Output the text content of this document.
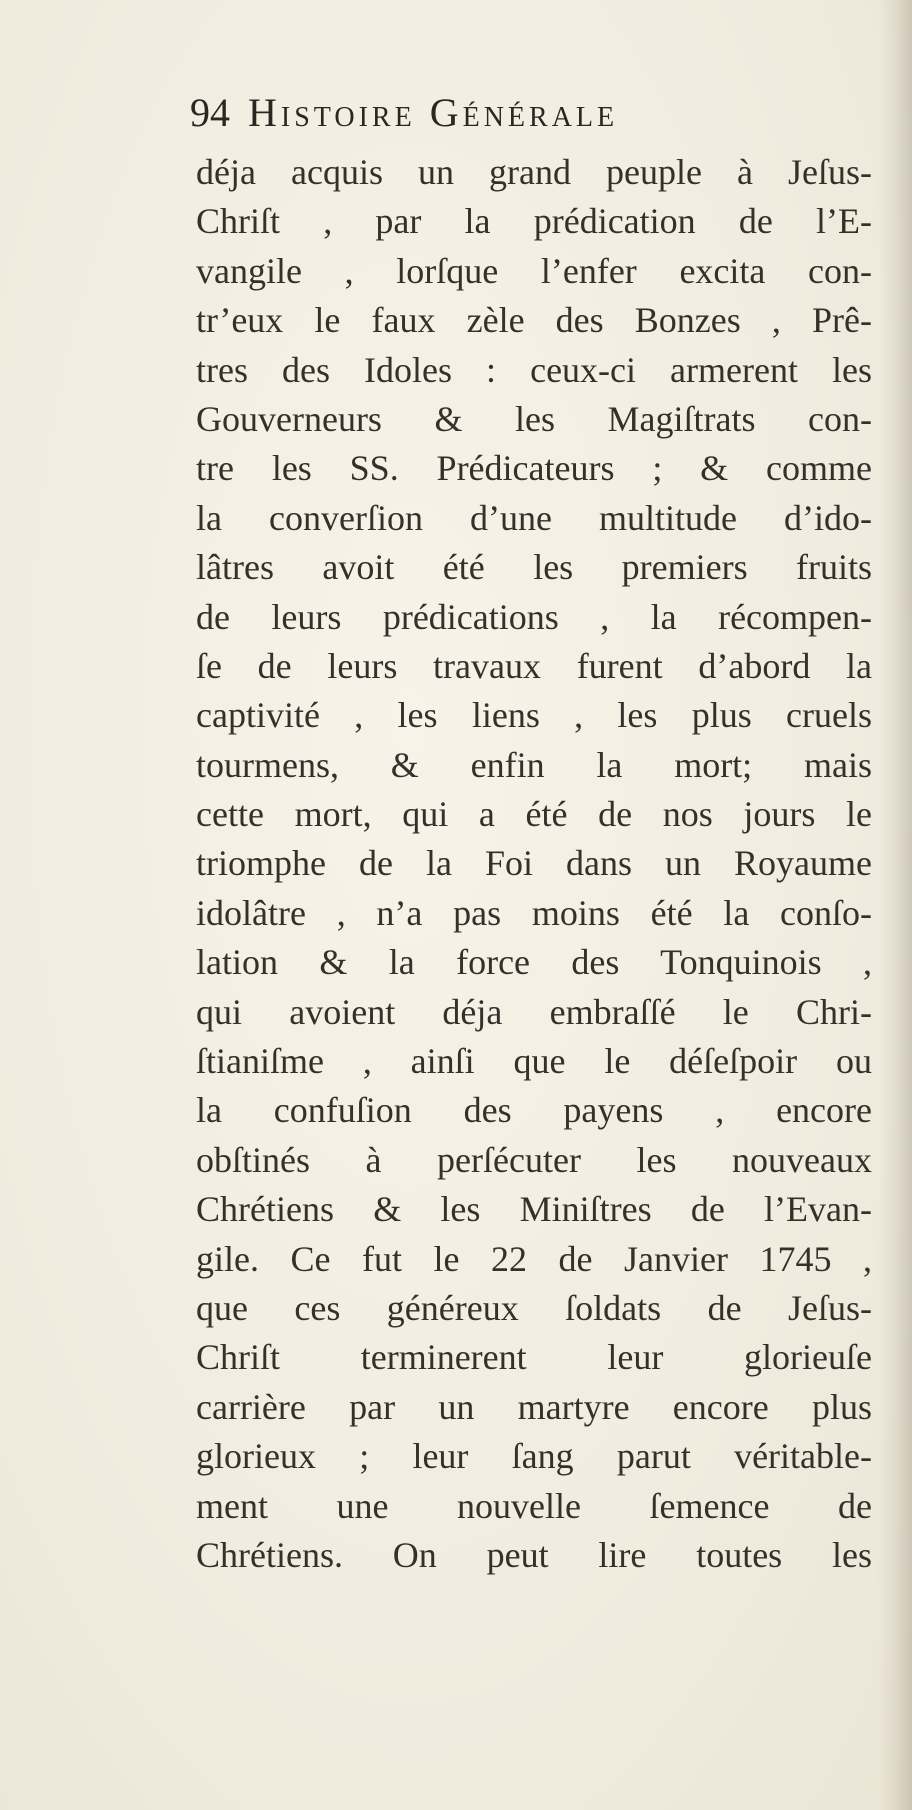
94 Histoire Générale
déja acquis un grand peuple à Jeſus-
Chriſt , par la prédication de l’E-
vangile , lorſque l’enfer excita con-
tr’eux le faux zèle des Bonzes , Prê-
tres des Idoles : ceux-ci armerent les
Gouverneurs & les Magiſtrats con-
tre les SS. Prédicateurs ; & comme
la converſion d’une multitude d’ido-
lâtres avoit été les premiers fruits
de leurs prédications , la récompen-
ſe de leurs travaux furent d’abord la
captivité , les liens , les plus cruels
tourmens, & enfin la mort; mais
cette mort, qui a été de nos jours le
triomphe de la Foi dans un Royaume
idolâtre , n’a pas moins été la conſo-
lation & la force des Tonquinois ,
qui avoient déja embraſſé le Chri-
ſtianiſme , ainſi que le déſeſpoir ou
la confuſion des payens , encore
obſtinés à perſécuter les nouveaux
Chrétiens & les Miniſtres de l’Evan-
gile. Ce fut le 22 de Janvier 1745 ,
que ces généreux ſoldats de Jeſus-
Chriſt terminerent leur glorieuſe
carrière par un martyre encore plus
glorieux ; leur ſang parut véritable-
ment une nouvelle ſemence de
Chrétiens. On peut lire toutes les
